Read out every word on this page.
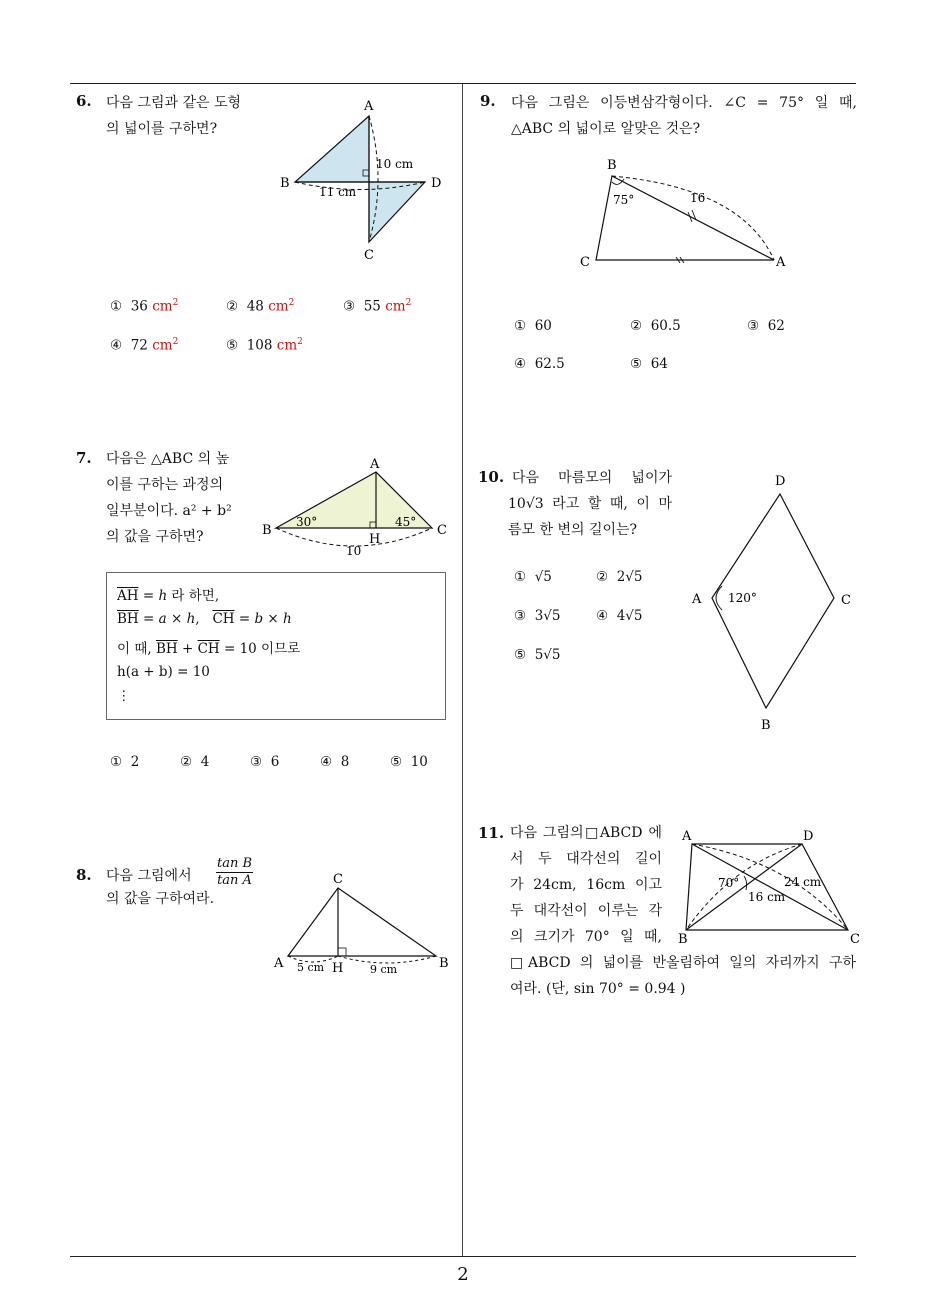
2
6. 다음 그림과 같은 도형
의 넓이를 구하면?
A
B
C
D
10 cm
11 cm
① 36 $cm^2$	② 48 $cm^2$	③ 55 $cm^2$
④ 72 $cm^2$	⑤ 108 $cm^2$
7. 다음은 △ABC 의 높
이를 구하는 과정의
일부분이다. a² + b²
의 값을 구하면?
A
B	C
H
30°	45°
10
$\overline{AH} = h$ 라 하면,
$\overline{BH} = a \times h$,   $\overline{CH} = b \times h$
이 때, $\overline{BH} + \overline{CH} = 10$ 이므로
h(a + b) = 10
⋮
① 2	② 4	③ 6	④ 8	⑤ 10
8. 다음 그림에서 $\frac{\text{tan B}}{\text{tan A}}$
의 값을 구하여라.
C
A	B
H
5 cm	9 cm
9. 다음 그림은 이등변삼각형이다. ∠C = 75° 일 때,
△ABC 의 넓이로 알맞은 것은?
B
C	A
75°	16
① 60	② 60.5	③ 62
④ 62.5	⑤ 64
10. 다음 마름모의 넓이가
10√3 라고 할 때, 이 마
름모 한 변의 길이는?
D
A	C
B
120°
① √5	② 2√5
③ 3√5	④ 4√5
⑤ 5√5
11. 다음 그림의□ABCD 에
서 두 대각선의 길이
가 24cm, 16cm 이고
두 대각선이 이루는 각
의 크기가 70° 일 때,
□ABCD 의 넓이를 반올림하여 일의 자리까지 구하
여라. (단, sin 70° = 0.94 )
A	D
B	C
70°	24 cm
16 cm
